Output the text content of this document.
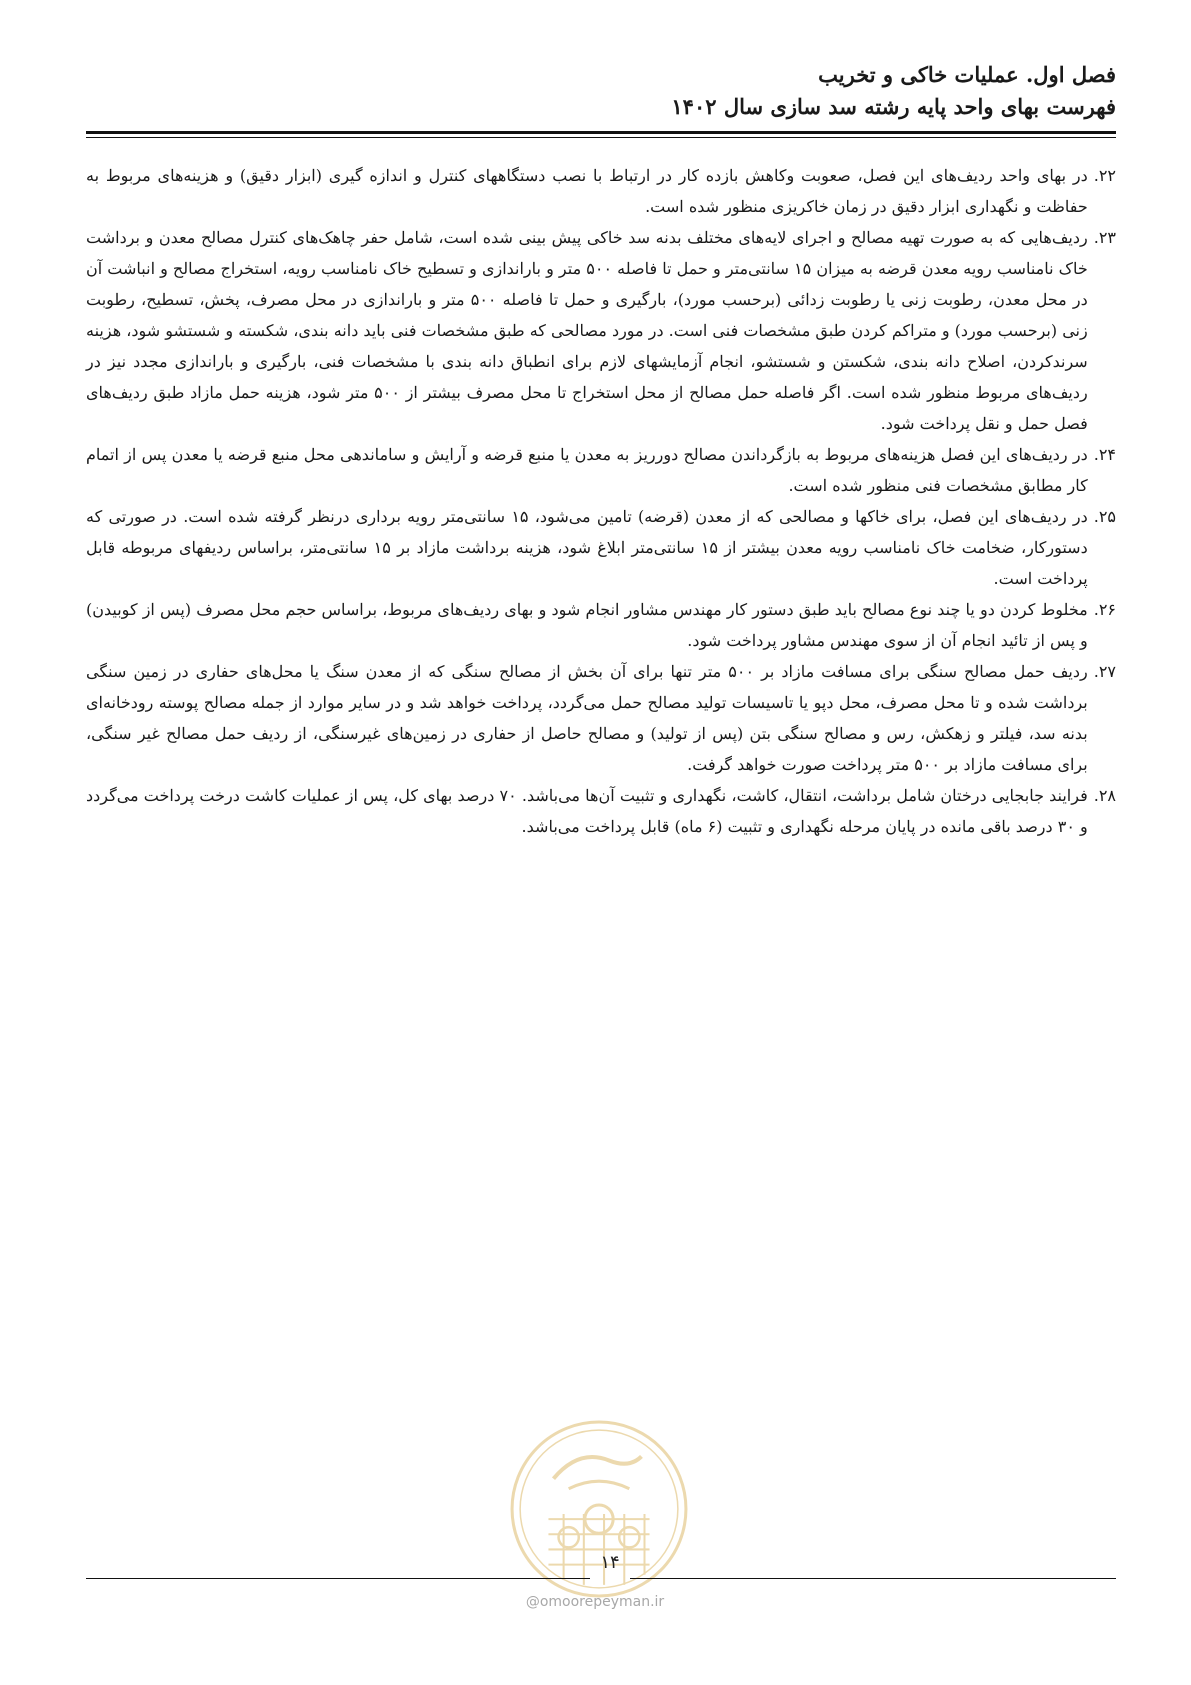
فصل اول. عملیات خاکی و تخریب
فهرست بهای واحد پایه رشته سد سازی سال ۱۴۰۲
۲۲.
در بهای واحد ردیف‌های این فصل، صعوبت وکاهش بازده کار در ارتباط با نصب دستگاههای کنترل و اندازه گیری (ابزار دقیق) و هزینه‌های مربوط به حفاظت و نگهداری ابزار دقیق در زمان خاکریزی منظور شده است.
۲۳.
ردیف‌هایی که به صورت تهیه مصالح و اجرای لایه‌های مختلف بدنه سد خاکی پیش بینی شده است، شامل حفر چاهک‌های کنترل مصالح معدن و برداشت خاک نامناسب رویه معدن قرضه به میزان ۱۵ سانتی‌متر و حمل تا فاصله ۵۰۰ متر و باراندازی و تسطیح خاک نامناسب رویه، استخراج مصالح و انباشت آن در محل معدن، رطوبت زنی یا رطوبت زدائی (برحسب مورد)، بارگیری و حمل تا فاصله ۵۰۰ متر و باراندازی در محل مصرف، پخش، تسطیح، رطوبت زنی (برحسب مورد) و متراکم کردن طبق مشخصات فنی است. در مورد مصالحی که طبق مشخصات فنی باید دانه بندی، شکسته و شستشو شود، هزینه سرندکردن، اصلاح دانه بندی، شکستن و شستشو، انجام آزمایشهای لازم برای انطباق دانه بندی با مشخصات فنی، بارگیری و باراندازی مجدد نیز در ردیف‌های مربوط منظور شده است. اگر فاصله حمل مصالح از محل استخراج تا محل مصرف بیشتر از ۵۰۰ متر شود، هزینه حمل مازاد طبق ردیف‌های فصل حمل و نقل پرداخت شود.
۲۴.
در ردیف‌های این فصل هزینه‌های مربوط به بازگرداندن مصالح دورریز به معدن یا منبع قرضه و آرایش و ساماندهی محل منبع قرضه یا معدن پس از اتمام کار مطابق مشخصات فنی منظور شده است.
۲۵.
در ردیف‌های این فصل، برای خاکها و مصالحی که از معدن (قرضه) تامین می‌شود، ۱۵ سانتی‌متر رویه برداری درنظر گرفته شده است. در صورتی که دستورکار، ضخامت خاک نامناسب رویه معدن بیشتر از ۱۵ سانتی‌متر ابلاغ شود، هزینه برداشت مازاد بر ۱۵ سانتی‌متر، براساس ردیفهای مربوطه قابل پرداخت است.
۲۶.
مخلوط کردن دو یا چند نوع مصالح باید طبق دستور کار مهندس مشاور انجام شود و بهای ردیف‌های مربوط، براساس حجم محل مصرف (پس از کوبیدن) و پس از تائید انجام آن از سوی مهندس مشاور پرداخت شود.
۲۷.
ردیف حمل مصالح سنگی برای مسافت مازاد بر ۵۰۰ متر تنها برای آن بخش از مصالح سنگی که از معدن سنگ یا محل‌های حفاری در زمین سنگی برداشت شده و تا محل مصرف، محل دپو یا تاسیسات تولید مصالح حمل می‌گردد، پرداخت خواهد شد و در سایر موارد از جمله مصالح پوسته رودخانه‌ای بدنه سد، فیلتر و زهکش، رس و مصالح سنگی بتن (پس از تولید) و مصالح حاصل از حفاری در زمین‌های غیرسنگی، از ردیف حمل مصالح غیر سنگی، برای مسافت مازاد بر ۵۰۰ متر پرداخت صورت خواهد گرفت.
۲۸.
فرایند جابجایی درختان شامل برداشت، انتقال، کاشت، نگهداری و تثبیت آن‌ها می‌باشد. ۷۰ درصد بهای کل، پس از عملیات کاشت درخت پرداخت می‌گردد و ۳۰ درصد باقی مانده در پایان مرحله نگهداری و تثبیت (۶ ماه) قابل پرداخت می‌باشد.
۱۴
@omoorepeyman.ir
